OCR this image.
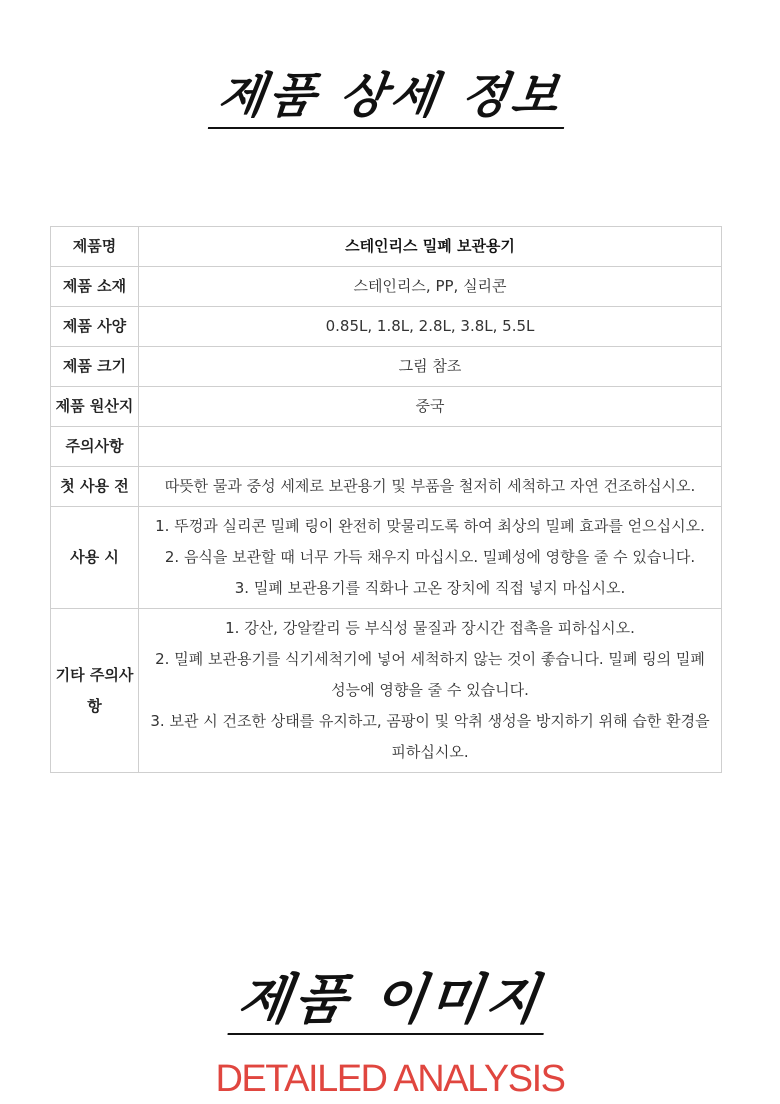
제품 상세 정보
제품명	스테인리스 밀폐 보관용기
제품 소재	스테인리스, PP, 실리콘
제품 사양	0.85L, 1.8L, 2.8L, 3.8L, 5.5L
제품 크기	그림 참조
제품 원산지	중국
주의사항	
첫 사용 전	따뜻한 물과 중성 세제로 보관용기 및 부품을 철저히 세척하고 자연 건조하십시오.
사용 시	1. 뚜껑과 실리콘 밀폐 링이 완전히 맞물리도록 하여 최상의 밀폐 효과를 얻으십시오.
2. 음식을 보관할 때 너무 가득 채우지 마십시오. 밀폐성에 영향을 줄 수 있습니다.
3. 밀폐 보관용기를 직화나 고온 장치에 직접 넣지 마십시오.

기타 주의사항	1. 강산, 강알칼리 등 부식성 물질과 장시간 접촉을 피하십시오.
2. 밀폐 보관용기를 식기세척기에 넣어 세척하지 않는 것이 좋습니다. 밀폐 링의 밀폐 성능에 영향을 줄 수 있습니다.
3. 보관 시 건조한 상태를 유지하고, 곰팡이 및 악취 생성을 방지하기 위해 습한 환경을 피하십시오.
제품 이미지
DETAILED ANALYSIS
